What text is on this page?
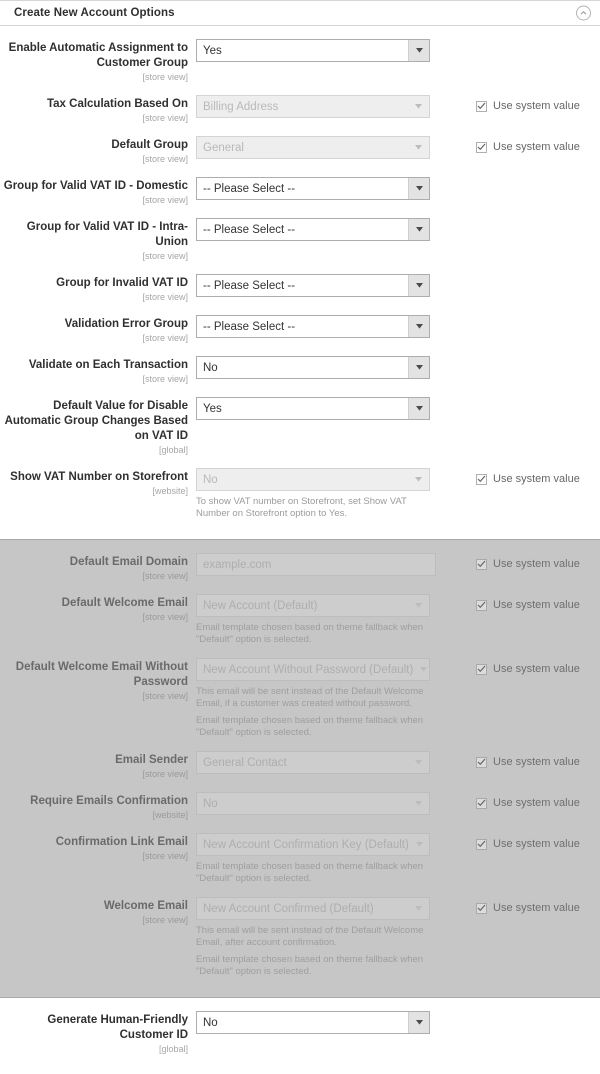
Create New Account Options
Enable Automatic Assignment to Customer Group
[store view]
Yes
Tax Calculation Based On
[store view]
Billing Address	Use system value
Default Group
[store view]
General	Use system value
Group for Valid VAT ID - Domestic
[store view]
-- Please Select --
Group for Valid VAT ID - Intra-Union
[store view]
-- Please Select --
Group for Invalid VAT ID
[store view]
-- Please Select --
Validation Error Group
[store view]
-- Please Select --
Validate on Each Transaction
[store view]
No
Default Value for Disable Automatic Group Changes Based on VAT ID
[global]
Yes
Show VAT Number on Storefront
[website]
No
To show VAT number on Storefront, set Show VAT Number on Storefront option to Yes.
Use system value
Default Email Domain
[store view]
example.com	Use system value
Default Welcome Email
[store view]
New Account (Default)
Email template chosen based on theme fallback when "Default" option is selected.
Use system value
Default Welcome Email Without Password
[store view]
New Account Without Password (Default)
This email will be sent instead of the Default Welcome Email, if a customer was created without password.
Email template chosen based on theme fallback when "Default" option is selected.
Use system value
Email Sender
[store view]
General Contact	Use system value
Require Emails Confirmation
[website]
No	Use system value
Confirmation Link Email
[store view]
New Account Confirmation Key (Default)
Email template chosen based on theme fallback when "Default" option is selected.
Use system value
Welcome Email
[store view]
New Account Confirmed (Default)
This email will be sent instead of the Default Welcome Email, after account confirmation.
Email template chosen based on theme fallback when "Default" option is selected.
Use system value
Generate Human-Friendly Customer ID
[global]
No
